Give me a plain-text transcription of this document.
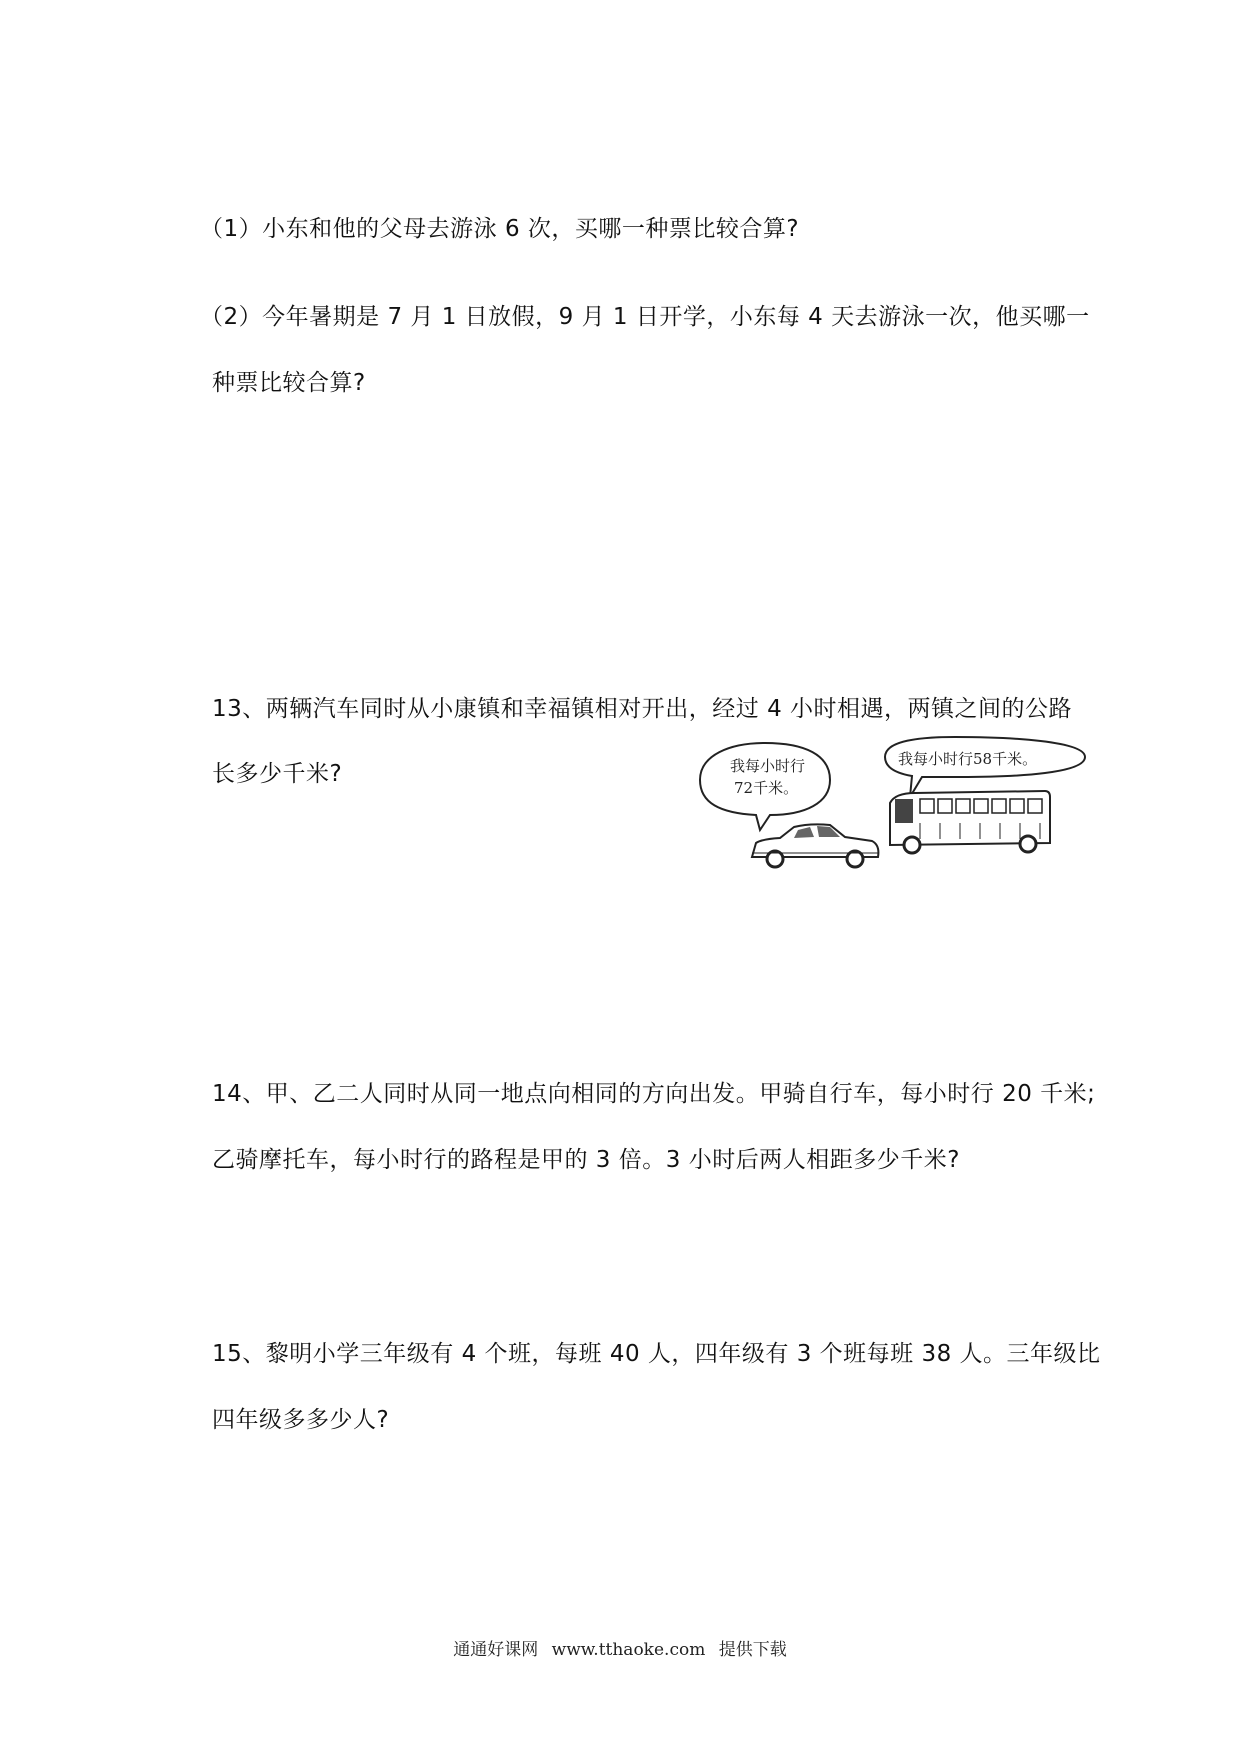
（1）小东和他的父母去游泳 6 次，买哪一种票比较合算?
（2）今年暑期是 7 月 1 日放假，9 月 1 日开学，小东每 4 天去游泳一次，他买哪一
种票比较合算?
13、两辆汽车同时从小康镇和幸福镇相对开出，经过 4 小时相遇，两镇之间的公路
长多少千米?	我每小时行
72千米。
我每小时行58千米。
14、甲、乙二人同时从同一地点向相同的方向出发。甲骑自行车，每小时行 20 千米;
乙骑摩托车，每小时行的路程是甲的 3 倍。3 小时后两人相距多少千米?
15、黎明小学三年级有 4 个班，每班 40 人，四年级有 3 个班每班 38 人。三年级比
四年级多多少人?
通通好课网 www.tthaoke.com 提供下载
